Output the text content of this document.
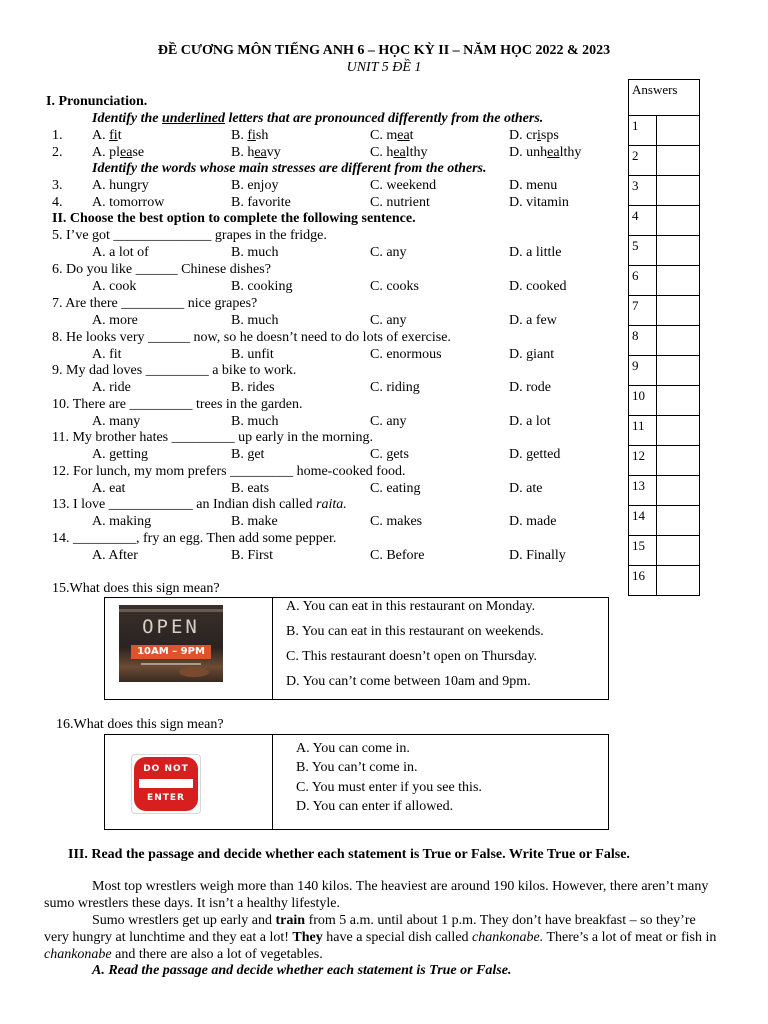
ĐỀ CƯƠNG MÔN TIẾNG ANH 6 – HỌC KỲ II – NĂM HỌC 2022 & 2023
UNIT 5 ĐỀ 1
Answers	
1	
2	
3	
4	
5	
6	
7	
8	
9	
10	
11	
12	
13	
14	
15	
16	
I. Pronunciation.
Identify the underlined letters that are pronounced differently from the others.
1. A. fit	B. fish	C. meat	D. crisps
2. A. please	B. heavy	C. healthy	D. unhealthy
Identify the words whose main stresses are different from the others.
3. A. hungry	B. enjoy	C. weekend	D. menu
4. A. tomorrow	B. favorite	C. nutrient	D. vitamin
II. Choose the best option to complete the following sentence.
5. I’ve got ______________ grapes in the fridge.
A. a lot of	B. much	C. any	D. a little
6. Do you like ______ Chinese dishes?
A. cook	B. cooking	C. cooks	D. cooked
7. Are there _________ nice grapes?
A. more	B. much	C. any	D. a few
8. He looks very ______ now, so he doesn’t need to do lots of exercise.
A. fit	B. unfit	C. enormous	D. giant
9. My dad loves _________ a bike to work.
A. ride	B. rides	C. riding	D. rode
10. There are _________ trees in the garden.
A. many	B. much	C. any	D. a lot
11. My brother hates _________ up early in the morning.
A. getting	B. get	C. gets	D. getted
12. For lunch, my mom prefers _________ home-cooked food.
A. eat	B. eats	C. eating	D. ate
13. I love ____________ an Indian dish called raita.
A. making	B. make	C. makes	D. made
14. _________, fry an egg. Then add some pepper.
A. After	B. First	C. Before	D. Finally
15.What does this sign mean?
OPEN
10AM – 9PM
A. You can eat in this restaurant on Monday.
B. You can eat in this restaurant on weekends.
C. This restaurant doesn’t open on Thursday.
D. You can’t come between 10am and 9pm.
16.What does this sign mean?
DO NOT
ENTER
A. You can come in.
B. You can’t come in.
C. You must enter if you see this.
D. You can enter if allowed.
III. Read the passage and decide whether each statement is True or False. Write True or False.
Most top wrestlers weigh more than 140 kilos. The heaviest are around 190 kilos. However, there aren’t many sumo wrestlers these days. It isn’t a healthy lifestyle.
Sumo wrestlers get up early and train from 5 a.m. until about 1 p.m. They don’t have breakfast – so they’re very hungry at lunchtime and they eat a lot! They have a special dish called chankonabe. There’s a lot of meat or fish in chankonabe and there are also a lot of vegetables.
A. Read the passage and decide whether each statement is True or False.
